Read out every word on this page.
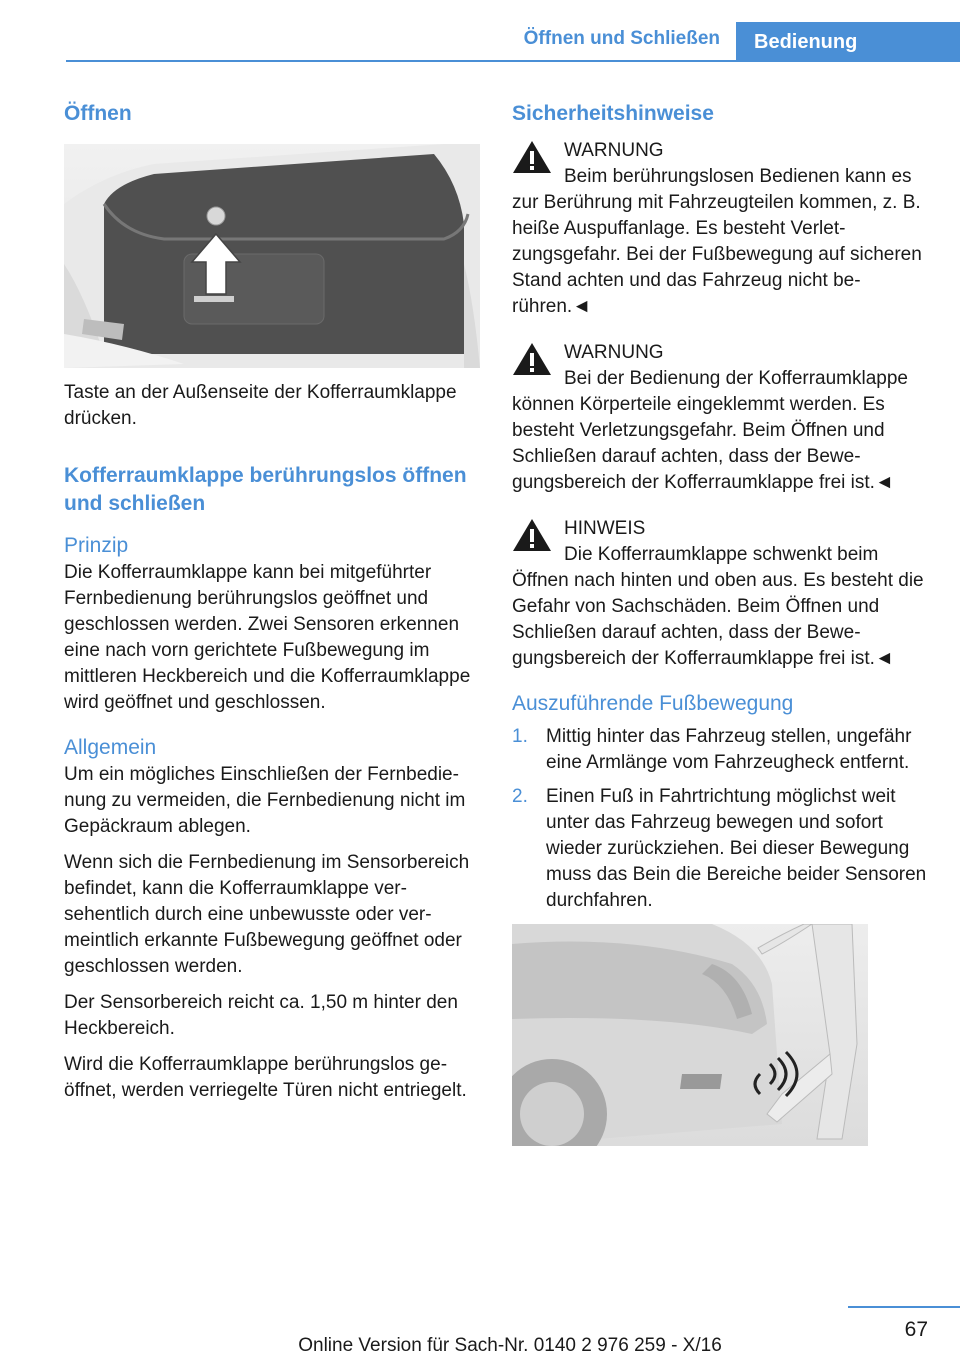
Öffnen und Schließen	Bedienung
Öffnen

Taste an der Außenseite der Kofferraumklappe drücken.

Kofferraumklappe berührungslos öffnen und schließen
Prinzip

Die Kofferraumklappe kann bei mitgeführter Fernbedienung berührungslos geöffnet und geschlossen werden. Zwei Sensoren erkennen eine nach vorn gerichtete Fußbewegung im mittleren Heckbereich und die Kofferraumklappe wird geöffnet und geschlossen.

Allgemein

Um ein mögliches Einschließen der Fernbedienung zu vermeiden, die Fernbedienung nicht im Gepäckraum ablegen.

Wenn sich die Fernbedienung im Sensorbereich befindet, kann die Kofferraumklappe versehentlich durch eine unbewusste oder vermeintlich erkannte Fußbewegung geöffnet oder geschlossen werden.

Der Sensorbereich reicht ca. 1,50 m hinter den Heckbereich.

Wird die Kofferraumklappe berührungslos geöffnet, werden verriegelte Türen nicht entriegelt.

Sicherheitshinweise
WARNUNG
Beim berührungslosen Bedienen kann es
zur Berührung mit Fahrzeugteilen kommen, z. B. heiße Auspuffanlage. Es besteht Verletzungsgefahr. Bei der Fußbewegung auf sicheren Stand achten und das Fahrzeug nicht berühren.◄
WARNUNG
Bei der Bedienung der Kofferraumklappe
können Körperteile eingeklemmt werden. Es besteht Verletzungsgefahr. Beim Öffnen und Schließen darauf achten, dass der Bewegungsbereich der Kofferraumklappe frei ist.◄
HINWEIS
Die Kofferraumklappe schwenkt beim
Öffnen nach hinten und oben aus. Es besteht die Gefahr von Sachschäden. Beim Öffnen und Schließen darauf achten, dass der Bewegungsbereich der Kofferraumklappe frei ist.◄
Auszuführende Fußbewegung
1. Mittig hinter das Fahrzeug stellen, ungefähr eine Armlänge vom Fahrzeugheck entfernt.
2. Einen Fuß in Fahrtrichtung möglichst weit unter das Fahrzeug bewegen und sofort wieder zurückziehen. Bei dieser Bewegung muss das Bein die Bereiche beider Sensoren durchfahren.
67
Online Version für Sach-Nr. 0140 2 976 259 - X/16
